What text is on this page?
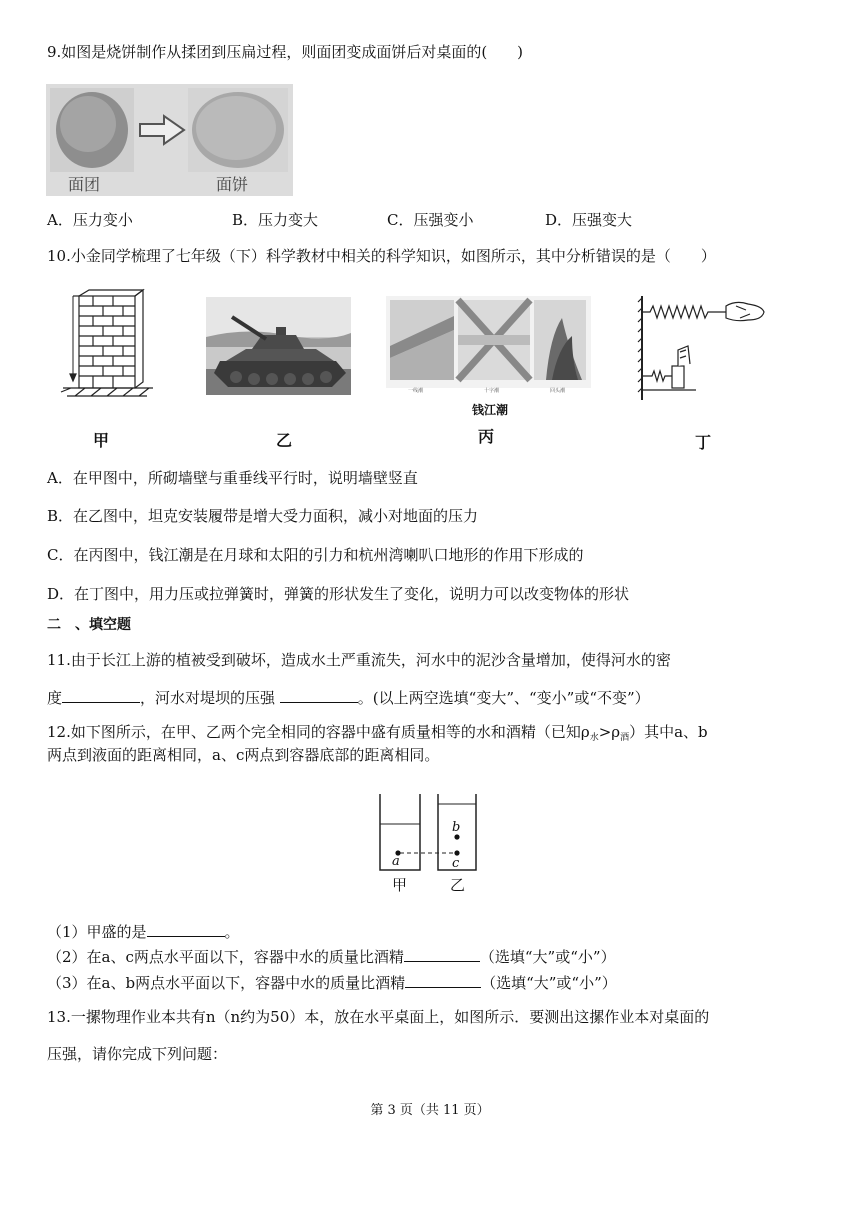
9.如图是烧饼制作从揉团到压扁过程，则面团变成面饼后对桌面的(　　)
面团	面饼
A．压力变小	B．压力变大	C．压强变小	D．压强变大
10.小金同学梳理了七年级（下）科学教材中相关的科学知识，如图所示，其中分析错误的是（　　）
一线潮	十字潮	回头潮
钱江潮
甲	乙	丙	丁
A．在甲图中，所砌墙壁与重垂线平行时，说明墙壁竖直
B．在乙图中，坦克安装履带是增大受力面积，减小对地面的压力
C．在丙图中，钱江潮是在月球和太阳的引力和杭州湾喇叭口地形的作用下形成的
D．在丁图中，用力压或拉弹簧时，弹簧的形状发生了变化，说明力可以改变物体的形状
二　、填空题
11.由于长江上游的植被受到破坏，造成水土严重流失，河水中的泥沙含量增加，使得河水的密
度	，河水对堤坝的压强	。(以上两空选填“变大”、“变小”或“不变”）
12.如下图所示，在甲、乙两个完全相同的容器中盛有质量相等的水和酒精（已知$\rho_水>\rho_酒$）其中a、b
两点到液面的距离相同，a、c两点到容器底部的距离相同。
a
b
c
甲	乙
（1）甲盛的是	。
（2）在a、c两点水平面以下，容器中水的质量比酒精	（选填“大”或“小”）
（3）在a、b两点水平面以下，容器中水的质量比酒精	（选填“大”或“小”）
13.一摞物理作业本共有n（n约为50）本，放在水平桌面上，如图所示．要测出这摞作业本对桌面的
压强，请你完成下列问题：
第 3 页（共 11 页）
